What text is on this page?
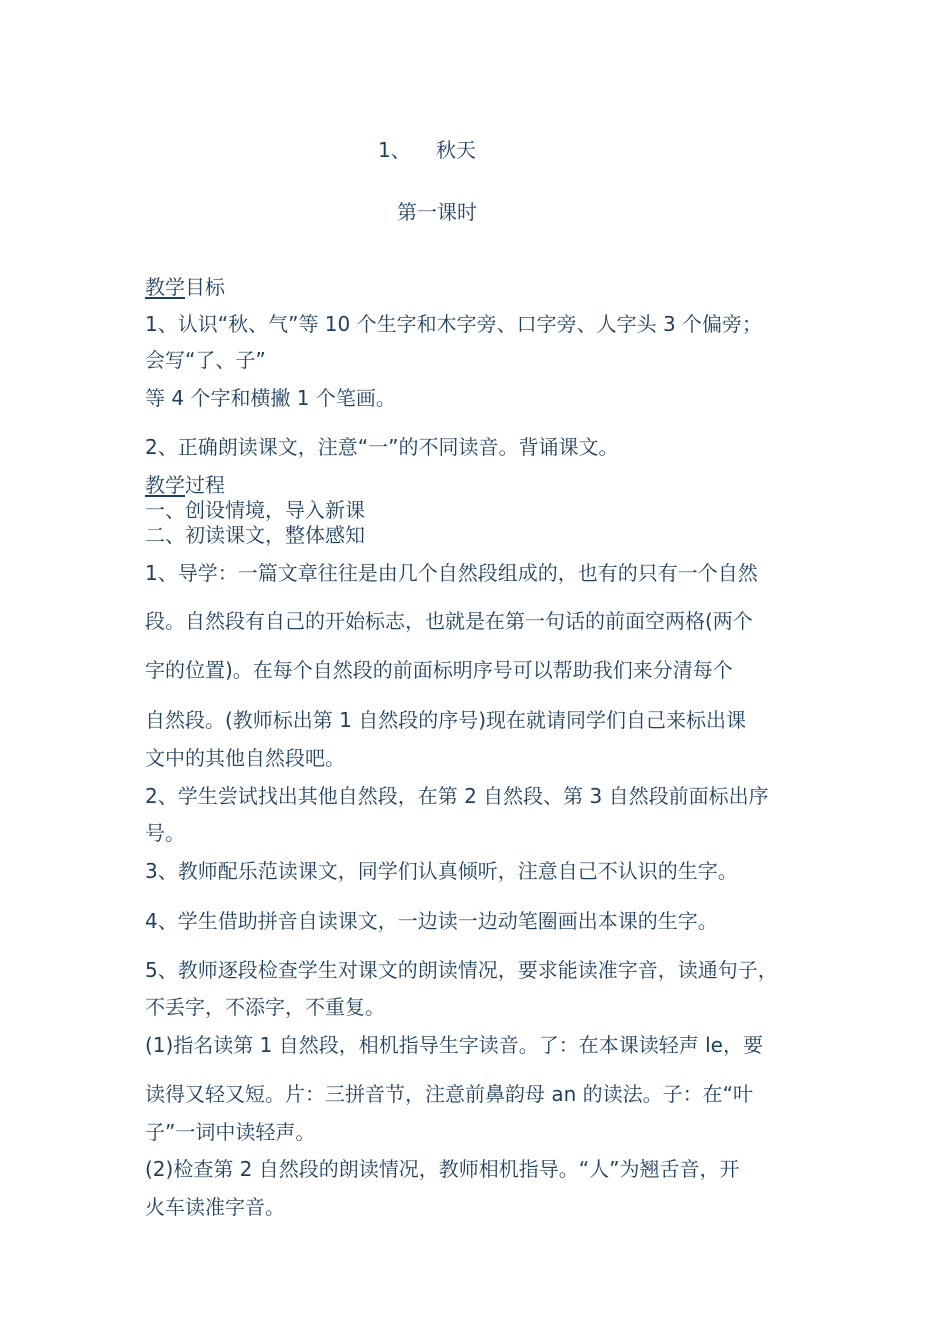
1、 秋天
第一课时
教学目标
1、认识“秋、气”等 10 个生字和木字旁、口字旁、人字头 3 个偏旁；
会写“了、子”
等 4 个字和横撇 1 个笔画。
2、正确朗读课文，注意“一”的不同读音。背诵课文。
教学过程
一、创设情境，导入新课
二、初读课文，整体感知
1、导学：一篇文章往往是由几个自然段组成的，也有的只有一个自然
段。自然段有自己的开始标志，也就是在第一句话的前面空两格(两个
字的位置)。在每个自然段的前面标明序号可以帮助我们来分清每个
自然段。(教师标出第 1 自然段的序号)现在就请同学们自己来标出课
文中的其他自然段吧。
2、学生尝试找出其他自然段，在第 2 自然段、第 3 自然段前面标出序
号。
3、教师配乐范读课文，同学们认真倾听，注意自己不认识的生字。
4、学生借助拼音自读课文，一边读一边动笔圈画出本课的生字。
5、教师逐段检查学生对课文的朗读情况，要求能读准字音，读通句子，
不丢字，不添字，不重复。
(1)指名读第 1 自然段，相机指导生字读音。了：在本课读轻声 le，要
读得又轻又短。片：三拼音节，注意前鼻韵母 an 的读法。子：在“叶
子”一词中读轻声。
(2)检查第 2 自然段的朗读情况，教师相机指导。“人”为翘舌音，开
火车读准字音。
